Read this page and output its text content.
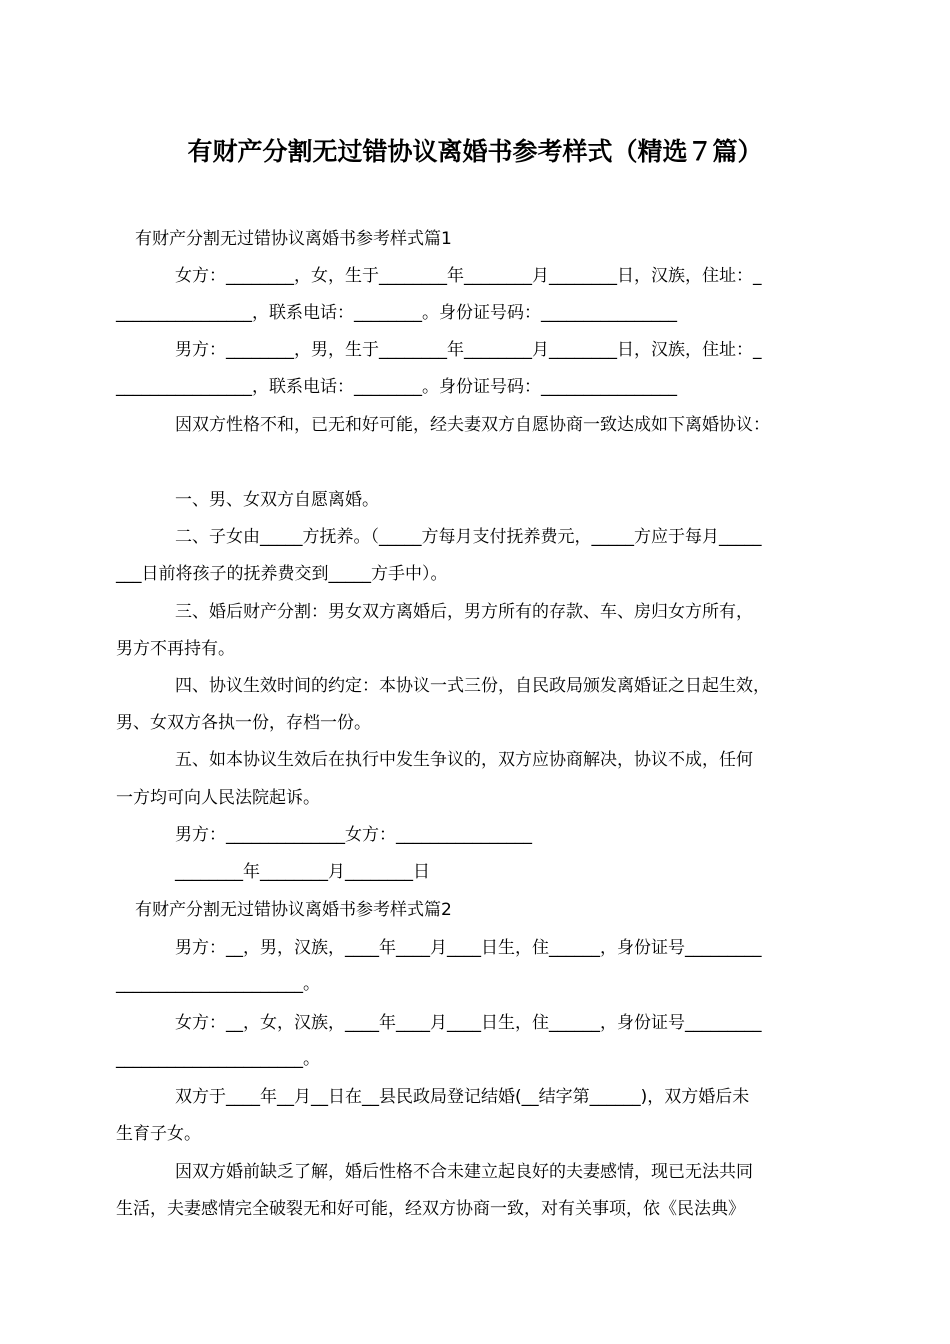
有财产分割无过错协议离婚书参考样式（精选７篇）
有财产分割无过错协议离婚书参考样式篇1
女方：________，女，生于________年________月________日，汉族，住址：_
________________，联系电话：________。身份证号码：________________
男方：________，男，生于________年________月________日，汉族，住址：_
________________，联系电话：________。身份证号码：________________
因双方性格不和，已无和好可能，经夫妻双方自愿协商一致达成如下离婚协议：
一、男、女双方自愿离婚。
二、子女由_____方抚养。（_____方每月支付抚养费元，_____方应于每月_____
___日前将孩子的抚养费交到_____方手中）。
三、婚后财产分割：男女双方离婚后，男方所有的存款、车、房归女方所有，
男方不再持有。
四、协议生效时间的约定：本协议一式三份，自民政局颁发离婚证之日起生效，
男、女双方各执一份，存档一份。
五、如本协议生效后在执行中发生争议的，双方应协商解决，协议不成，任何
一方均可向人民法院起诉。
男方：______________女方：________________
________年________月________日
有财产分割无过错协议离婚书参考样式篇2
男方：__，男，汉族，____年____月____日生，住______，身份证号_________
______________________。
女方：__，女，汉族，____年____月____日生，住______，身份证号_________
______________________。
双方于____年__月__日在__县民政局登记结婚(__结字第______)，双方婚后未
生育子女。
因双方婚前缺乏了解，婚后性格不合未建立起良好的夫妻感情，现已无法共同
生活，夫妻感情完全破裂无和好可能，经双方协商一致，对有关事项，依《民法典》
